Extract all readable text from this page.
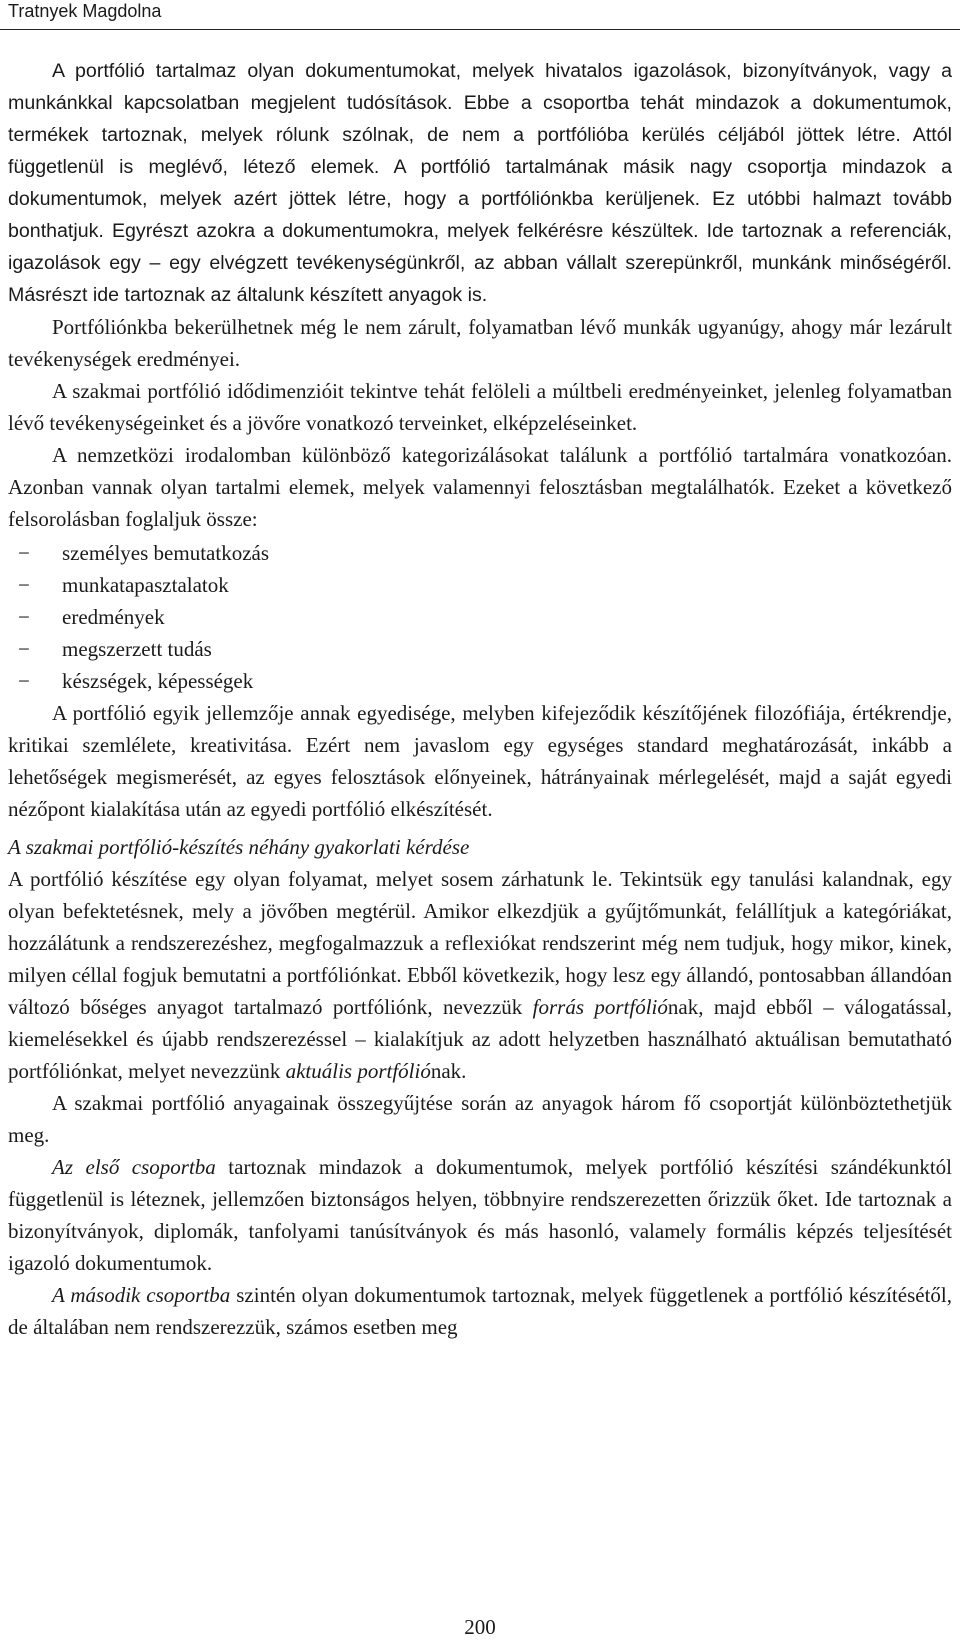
Tratnyek Magdolna

A portfólió tartalmaz olyan dokumentumokat, melyek hivatalos igazolások, bizonyítványok, vagy a munkánkkal kapcsolatban megjelent tudósítások. Ebbe a csoportba tehát mindazok a dokumentumok, termékek tartoznak, melyek rólunk szólnak, de nem a portfólióba kerülés céljából jöttek létre. Attól függetlenül is meglévő, létező elemek. A portfólió tartalmának másik nagy csoportja mindazok a dokumentumok, melyek azért jöttek létre, hogy a portfóliónkba kerüljenek. Ez utóbbi halmazt tovább bonthatjuk. Egyrészt azokra a dokumentumokra, melyek felkérésre készültek. Ide tartoznak a referenciák, igazolások egy – egy elvégzett tevékenységünkről, az abban vállalt szerepünkről, munkánk minőségéről. Másrészt ide tartoznak az általunk készített anyagok is.

Portfóliónkba bekerülhetnek még le nem zárult, folyamatban lévő munkák ugyanúgy, ahogy már lezárult tevékenységek eredményei.

A szakmai portfólió idődimenzióit tekintve tehát felöleli a múltbeli eredményeinket, jelenleg folyamatban lévő tevékenységeinket és a jövőre vonatkozó terveinket, elképzeléseinket.

A nemzetközi irodalomban különböző kategorizálásokat találunk a portfólió tartalmára vonatkozóan. Azonban vannak olyan tartalmi elemek, melyek valamennyi felosztásban megtalálhatók. Ezeket a következő felsorolásban foglaljuk össze:

− személyes bemutatkozás
− munkatapasztalatok
− eredmények
− megszerzett tudás
− készségek, képességek

A portfólió egyik jellemzője annak egyedisége, melyben kifejeződik készítőjének filozófiája, értékrendje, kritikai szemlélete, kreativitása. Ezért nem javaslom egy egységes standard meghatározását, inkább a lehetőségek megismerését, az egyes felosztások előnyeinek, hátrányainak mérlegelését, majd a saját egyedi nézőpont kialakítása után az egyedi portfólió elkészítését.

A szakmai portfólió-készítés néhány gyakorlati kérdése

A portfólió készítése egy olyan folyamat, melyet sosem zárhatunk le. Tekintsük egy tanulási kalandnak, egy olyan befektetésnek, mely a jövőben megtérül. Amikor elkezdjük a gyűjtőmunkát, felállítjuk a kategóriákat, hozzálátunk a rendszerezéshez, megfogalmazzuk a reflexiókat rendszerint még nem tudjuk, hogy mikor, kinek, milyen céllal fogjuk bemutatni a portfóliónkat. Ebből következik, hogy lesz egy állandó, pontosabban állandóan változó bőséges anyagot tartalmazó portfóliónk, nevezzük forrás portfóliónak, majd ebből – válogatással, kiemelésekkel és újabb rendszerezéssel – kialakítjuk az adott helyzetben használható aktuálisan bemutatható portfóliónkat, melyet nevezzünk aktuális portfóliónak.

A szakmai portfólió anyagainak összegyűjtése során az anyagok három fő csoportját különböztethetjük meg.

Az első csoportba tartoznak mindazok a dokumentumok, melyek portfólió készítési szándékunktól függetlenül is léteznek, jellemzően biztonságos helyen, többnyire rendszerezetten őrizzük őket. Ide tartoznak a bizonyítványok, diplomák, tanfolyami tanúsítványok és más hasonló, valamely formális képzés teljesítését igazoló dokumentumok.

A második csoportba szintén olyan dokumentumok tartoznak, melyek függetlenek a portfólió készítésétől, de általában nem rendszerezzük, számos esetben meg

200
